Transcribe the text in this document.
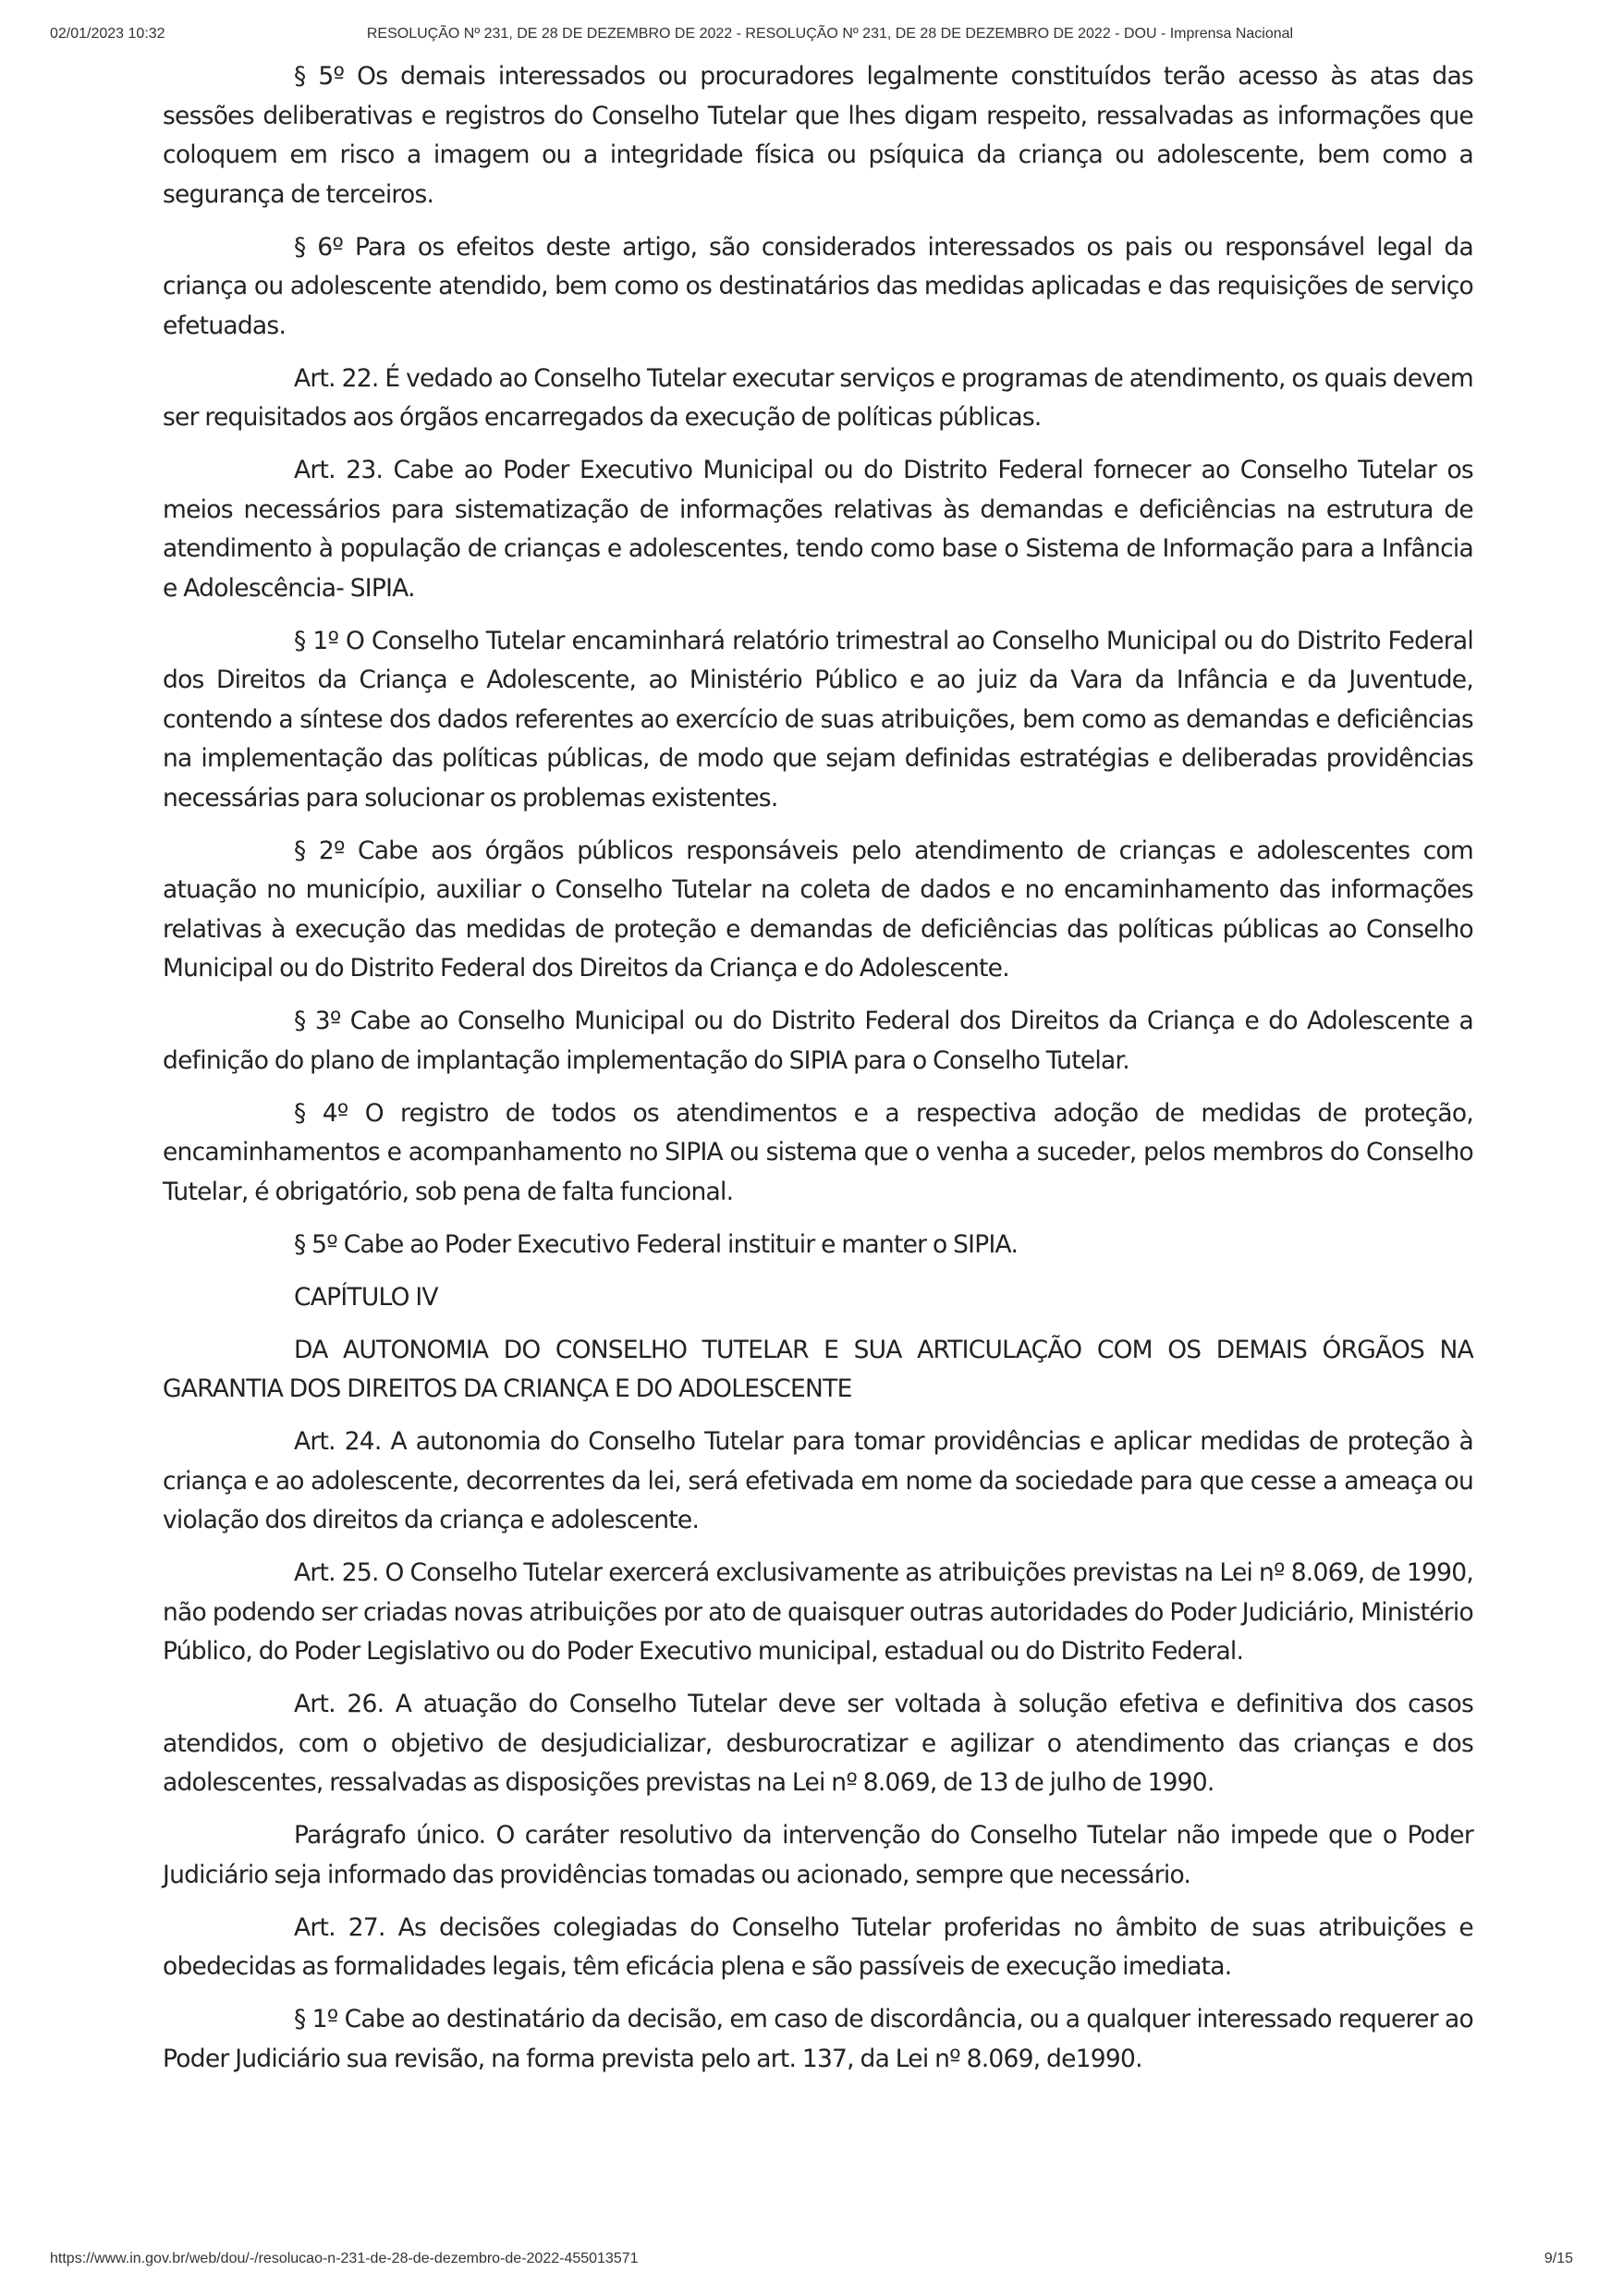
02/01/2023 10:32	RESOLUÇÃO Nº 231, DE 28 DE DEZEMBRO DE 2022 - RESOLUÇÃO Nº 231, DE 28 DE DEZEMBRO DE 2022 - DOU - Imprensa Nacional

§ 5º Os demais interessados ou procuradores legalmente constituídos terão acesso às atas das sessões deliberativas e registros do Conselho Tutelar que lhes digam respeito, ressalvadas as informações que coloquem em risco a imagem ou a integridade física ou psíquica da criança ou adolescente, bem como a segurança de terceiros.

§ 6º Para os efeitos deste artigo, são considerados interessados os pais ou responsável legal da criança ou adolescente atendido, bem como os destinatários das medidas aplicadas e das requisições de serviço efetuadas.

Art. 22. É vedado ao Conselho Tutelar executar serviços e programas de atendimento, os quais devem ser requisitados aos órgãos encarregados da execução de políticas públicas.

Art. 23. Cabe ao Poder Executivo Municipal ou do Distrito Federal fornecer ao Conselho Tutelar os meios necessários para sistematização de informações relativas às demandas e deficiências na estrutura de atendimento à população de crianças e adolescentes, tendo como base o Sistema de Informação para a Infância e Adolescência- SIPIA.

§ 1º O Conselho Tutelar encaminhará relatório trimestral ao Conselho Municipal ou do Distrito Federal dos Direitos da Criança e Adolescente, ao Ministério Público e ao juiz da Vara da Infância e da Juventude, contendo a síntese dos dados referentes ao exercício de suas atribuições, bem como as demandas e deficiências na implementação das políticas públicas, de modo que sejam definidas estratégias e deliberadas providências necessárias para solucionar os problemas existentes.

§ 2º Cabe aos órgãos públicos responsáveis pelo atendimento de crianças e adolescentes com atuação no município, auxiliar o Conselho Tutelar na coleta de dados e no encaminhamento das informações relativas à execução das medidas de proteção e demandas de deficiências das políticas públicas ao Conselho Municipal ou do Distrito Federal dos Direitos da Criança e do Adolescente.

§ 3º Cabe ao Conselho Municipal ou do Distrito Federal dos Direitos da Criança e do Adolescente a definição do plano de implantação implementação do SIPIA para o Conselho Tutelar.

§ 4º O registro de todos os atendimentos e a respectiva adoção de medidas de proteção, encaminhamentos e acompanhamento no SIPIA ou sistema que o venha a suceder, pelos membros do Conselho Tutelar, é obrigatório, sob pena de falta funcional.

§ 5º Cabe ao Poder Executivo Federal instituir e manter o SIPIA.

CAPÍTULO IV

DA AUTONOMIA DO CONSELHO TUTELAR E SUA ARTICULAÇÃO COM OS DEMAIS ÓRGÃOS NA GARANTIA DOS DIREITOS DA CRIANÇA E DO ADOLESCENTE

Art. 24. A autonomia do Conselho Tutelar para tomar providências e aplicar medidas de proteção à criança e ao adolescente, decorrentes da lei, será efetivada em nome da sociedade para que cesse a ameaça ou violação dos direitos da criança e adolescente.

Art. 25. O Conselho Tutelar exercerá exclusivamente as atribuições previstas na Lei nº 8.069, de 1990, não podendo ser criadas novas atribuições por ato de quaisquer outras autoridades do Poder Judiciário, Ministério Público, do Poder Legislativo ou do Poder Executivo municipal, estadual ou do Distrito Federal.

Art. 26. A atuação do Conselho Tutelar deve ser voltada à solução efetiva e definitiva dos casos atendidos, com o objetivo de desjudicializar, desburocratizar e agilizar o atendimento das crianças e dos adolescentes, ressalvadas as disposições previstas na Lei nº 8.069, de 13 de julho de 1990.

Parágrafo único. O caráter resolutivo da intervenção do Conselho Tutelar não impede que o Poder Judiciário seja informado das providências tomadas ou acionado, sempre que necessário.

Art. 27. As decisões colegiadas do Conselho Tutelar proferidas no âmbito de suas atribuições e obedecidas as formalidades legais, têm eficácia plena e são passíveis de execução imediata.

§ 1º Cabe ao destinatário da decisão, em caso de discordância, ou a qualquer interessado requerer ao Poder Judiciário sua revisão, na forma prevista pelo art. 137, da Lei nº 8.069, de1990.

https://www.in.gov.br/web/dou/-/resolucao-n-231-de-28-de-dezembro-de-2022-455013571	9/15
